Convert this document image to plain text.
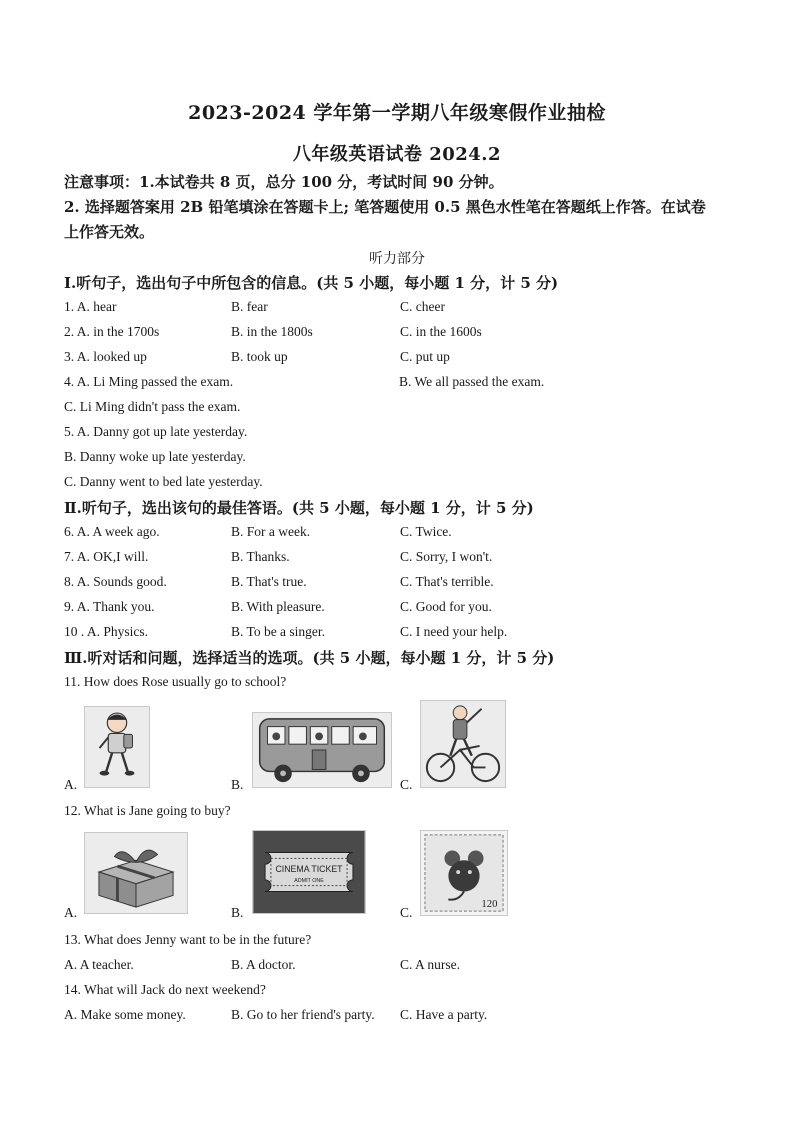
2023-2024 学年第一学期八年级寒假作业抽检
八年级英语试卷 2024.2
注意事项：1.本试卷共 8 页，总分 100 分，考试时间 90 分钟。
2. 选择题答案用 2B 铅笔填涂在答题卡上; 笔答题使用 0.5 黑色水性笔在答题纸上作答。在试卷
上作答无效。
听力部分
Ⅰ.听句子，选出句子中所包含的信息。(共 5 小题，每小题 1 分，计 5 分)
1. A. hear	B. fear	C. cheer
2. A. in the 1700s	B. in the 1800s	C. in the 1600s
3. A. looked up	B. took up	C. put up
4. A. Li Ming passed the exam.	B. We all passed the exam.
C. Li Ming didn't pass the exam.
5. A. Danny got up late yesterday.
B. Danny woke up late yesterday.
C. Danny went to bed late yesterday.
Ⅱ.听句子，选出该句的最佳答语。(共 5 小题，每小题 1 分，计 5 分)
6. A. A week ago.	B. For a week.	C. Twice.
7. A. OK,I will.	B. Thanks.	C. Sorry, I won't.
8. A. Sounds good.	B. That's true.	C. That's terrible.
9. A. Thank you.	B. With pleasure.	C. Good for you.
10 . A. Physics.	B. To be a singer.	C. I need your help.
Ⅲ.听对话和问题，选择适当的选项。(共 5 小题，每小题 1 分，计 5 分)
11. How does Rose usually go to school?
A.	B.	C.
12. What is Jane going to buy?
A.
CINEMA TICKET
ADMIT ONE
B.
120
C.
13. What does Jenny want to be in the future?
A. A teacher.	B. A doctor.	C. A nurse.
14. What will Jack do next weekend?
A. Make some money.	B. Go to her friend's party. C. Have a party.
